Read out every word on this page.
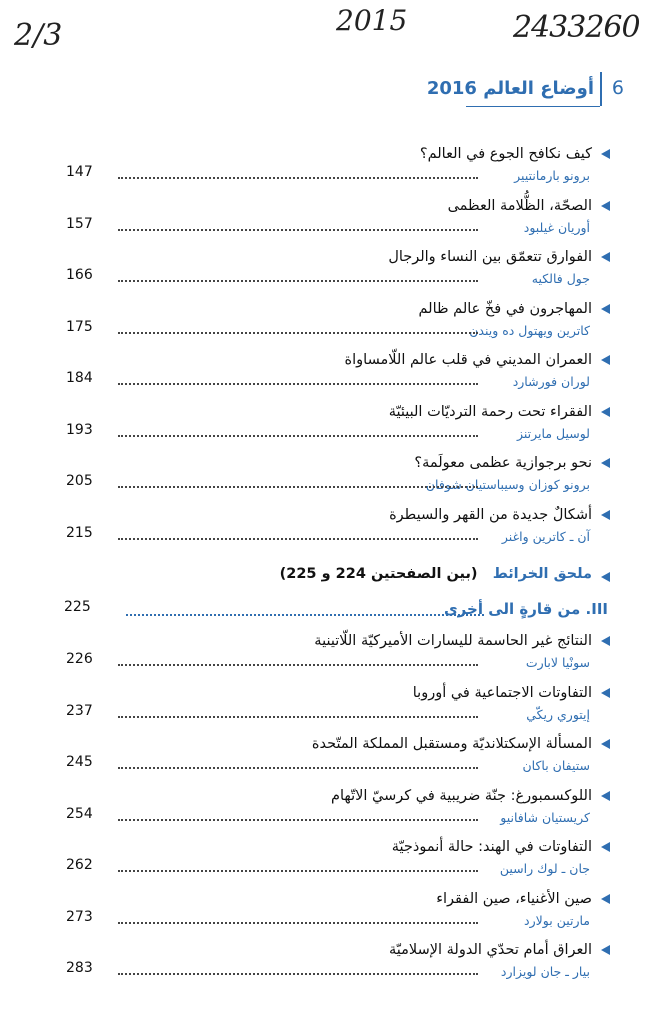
2/3	2015	2433260
أوضاع العالم 2016 6
كيف نكافح الجوع في العالم؟
برونو بارمانتيير
147
الصحّة، الظُّلامة العظمى
أوريان غيلبود
157
الفوارق تتعمّق بين النساء والرجال
جول فالكيه
166
المهاجرون في فخّ عالم ظالم
كاترين ويهتول ده ويندن
175
العمران المديني في قلب عالم اللّامساواة
لوران فورشارد
184
الفقراء تحت رحمة الترديّات البيئيّة
لوسيل مايرتنز
193
نحو برجوازية عظمى معولَمة؟
برونو كوزان وسيباستيان شوفان
205
أشكالٌ جديدة من القهر والسيطرة
آن ـ كاترين واغنر
215
ملحق الخرائط   (بين الصفحتين 224 و 225)
III. من قارةٍ الى أخرى
225
النتائج غير الحاسمة لليسارات الأميركيّة اللّاتينية
سونْيا لابارت
226
التفاوتات الاجتماعية في أوروبا
إيتوري ريكّي
237
المسألة الإسكتلانديّة ومستقبل المملكة المتّحدة
ستيفان باكان
245
اللوكسمبورغ: جنّة ضريبية في كرسيّ الاتّهام
كريستيان شافانيو
254
التفاوتات في الهند: حالة أنموذجيّة
جان ـ لوك راسين
262
صين الأغنياء، صين الفقراء
مارتين بولارد
273
العراق أمام تحدّي الدولة الإسلاميّة
بيار ـ جان لويزارد
283
